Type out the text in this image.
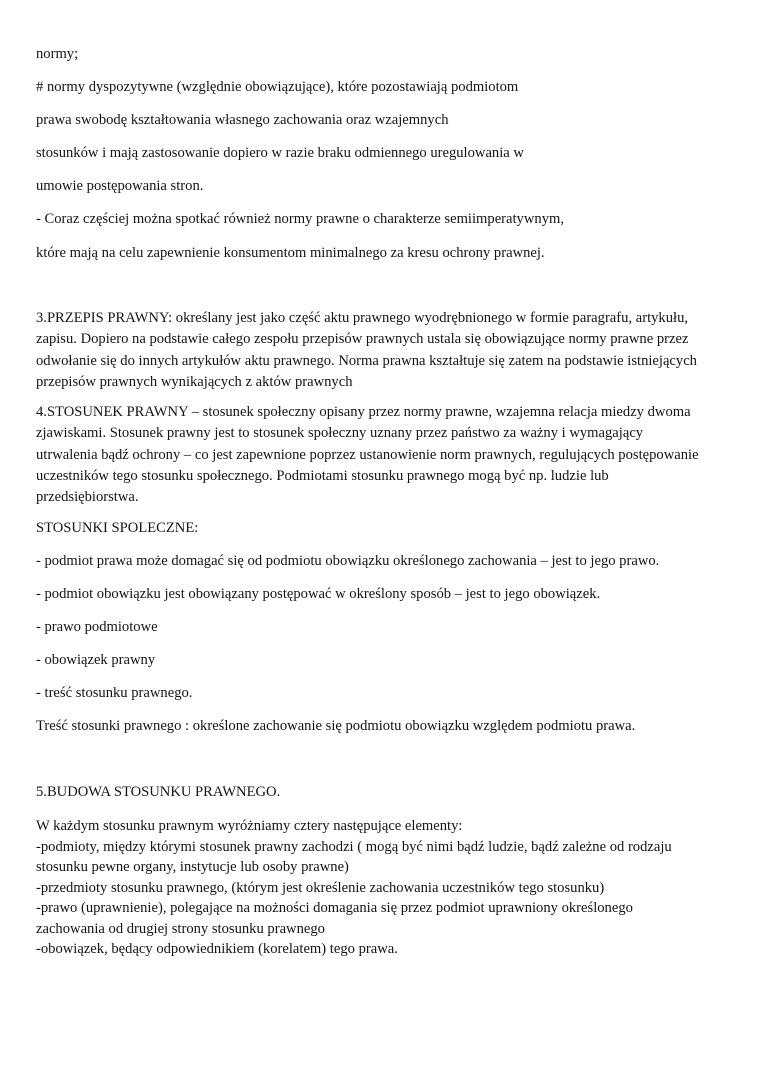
normy;
# normy dyspozytywne (względnie obowiązujące), które pozostawiają podmiotom
prawa swobodę kształtowania własnego zachowania oraz wzajemnych
stosunków i mają zastosowanie dopiero w razie braku odmiennego uregulowania w
umowie postępowania stron.
- Coraz częściej można spotkać również normy prawne o charakterze semiimperatywnym,
które mają na celu zapewnienie konsumentom minimalnego za kresu ochrony prawnej.
3.PRZEPIS PRAWNY: określany jest jako część aktu prawnego wyodrębnionego w formie paragrafu, artykułu,
zapisu. Dopiero na podstawie całego zespołu przepisów prawnych ustala się obowiązujące normy prawne przez
odwołanie się do innych artykułów aktu prawnego. Norma prawna kształtuje się zatem na podstawie istniejących
przepisów prawnych wynikających z aktów prawnych
4.STOSUNEK PRAWNY – stosunek społeczny opisany przez normy prawne, wzajemna relacja miedzy dwoma
zjawiskami. Stosunek prawny jest to stosunek społeczny uznany przez państwo za ważny i wymagający
utrwalenia bądź ochrony – co jest zapewnione poprzez ustanowienie norm prawnych, regulujących postępowanie
uczestników tego stosunku społecznego. Podmiotami stosunku prawnego mogą być np. ludzie lub
przedsiębiorstwa.
STOSUNKI SPOLECZNE:
- podmiot prawa może domagać się od podmiotu obowiązku określonego zachowania – jest to jego prawo.
- podmiot obowiązku jest obowiązany postępować w określony sposób – jest to jego obowiązek.
- prawo podmiotowe
- obowiązek prawny
- treść stosunku prawnego.
Treść stosunki prawnego : określone zachowanie się podmiotu obowiązku względem podmiotu prawa.
5.BUDOWA STOSUNKU PRAWNEGO.
W każdym stosunku prawnym wyróżniamy cztery następujące elementy:
-podmioty, między którymi stosunek prawny zachodzi ( mogą być nimi bądź ludzie, bądź zależne od rodzaju
stosunku pewne organy, instytucje lub osoby prawne)
-przedmioty stosunku prawnego, (którym jest określenie zachowania uczestników tego stosunku)
-prawo (uprawnienie), polegające na możności domagania się przez podmiot uprawniony określonego
zachowania od drugiej strony stosunku prawnego
-obowiązek, będący odpowiednikiem (korelatem) tego prawa.
